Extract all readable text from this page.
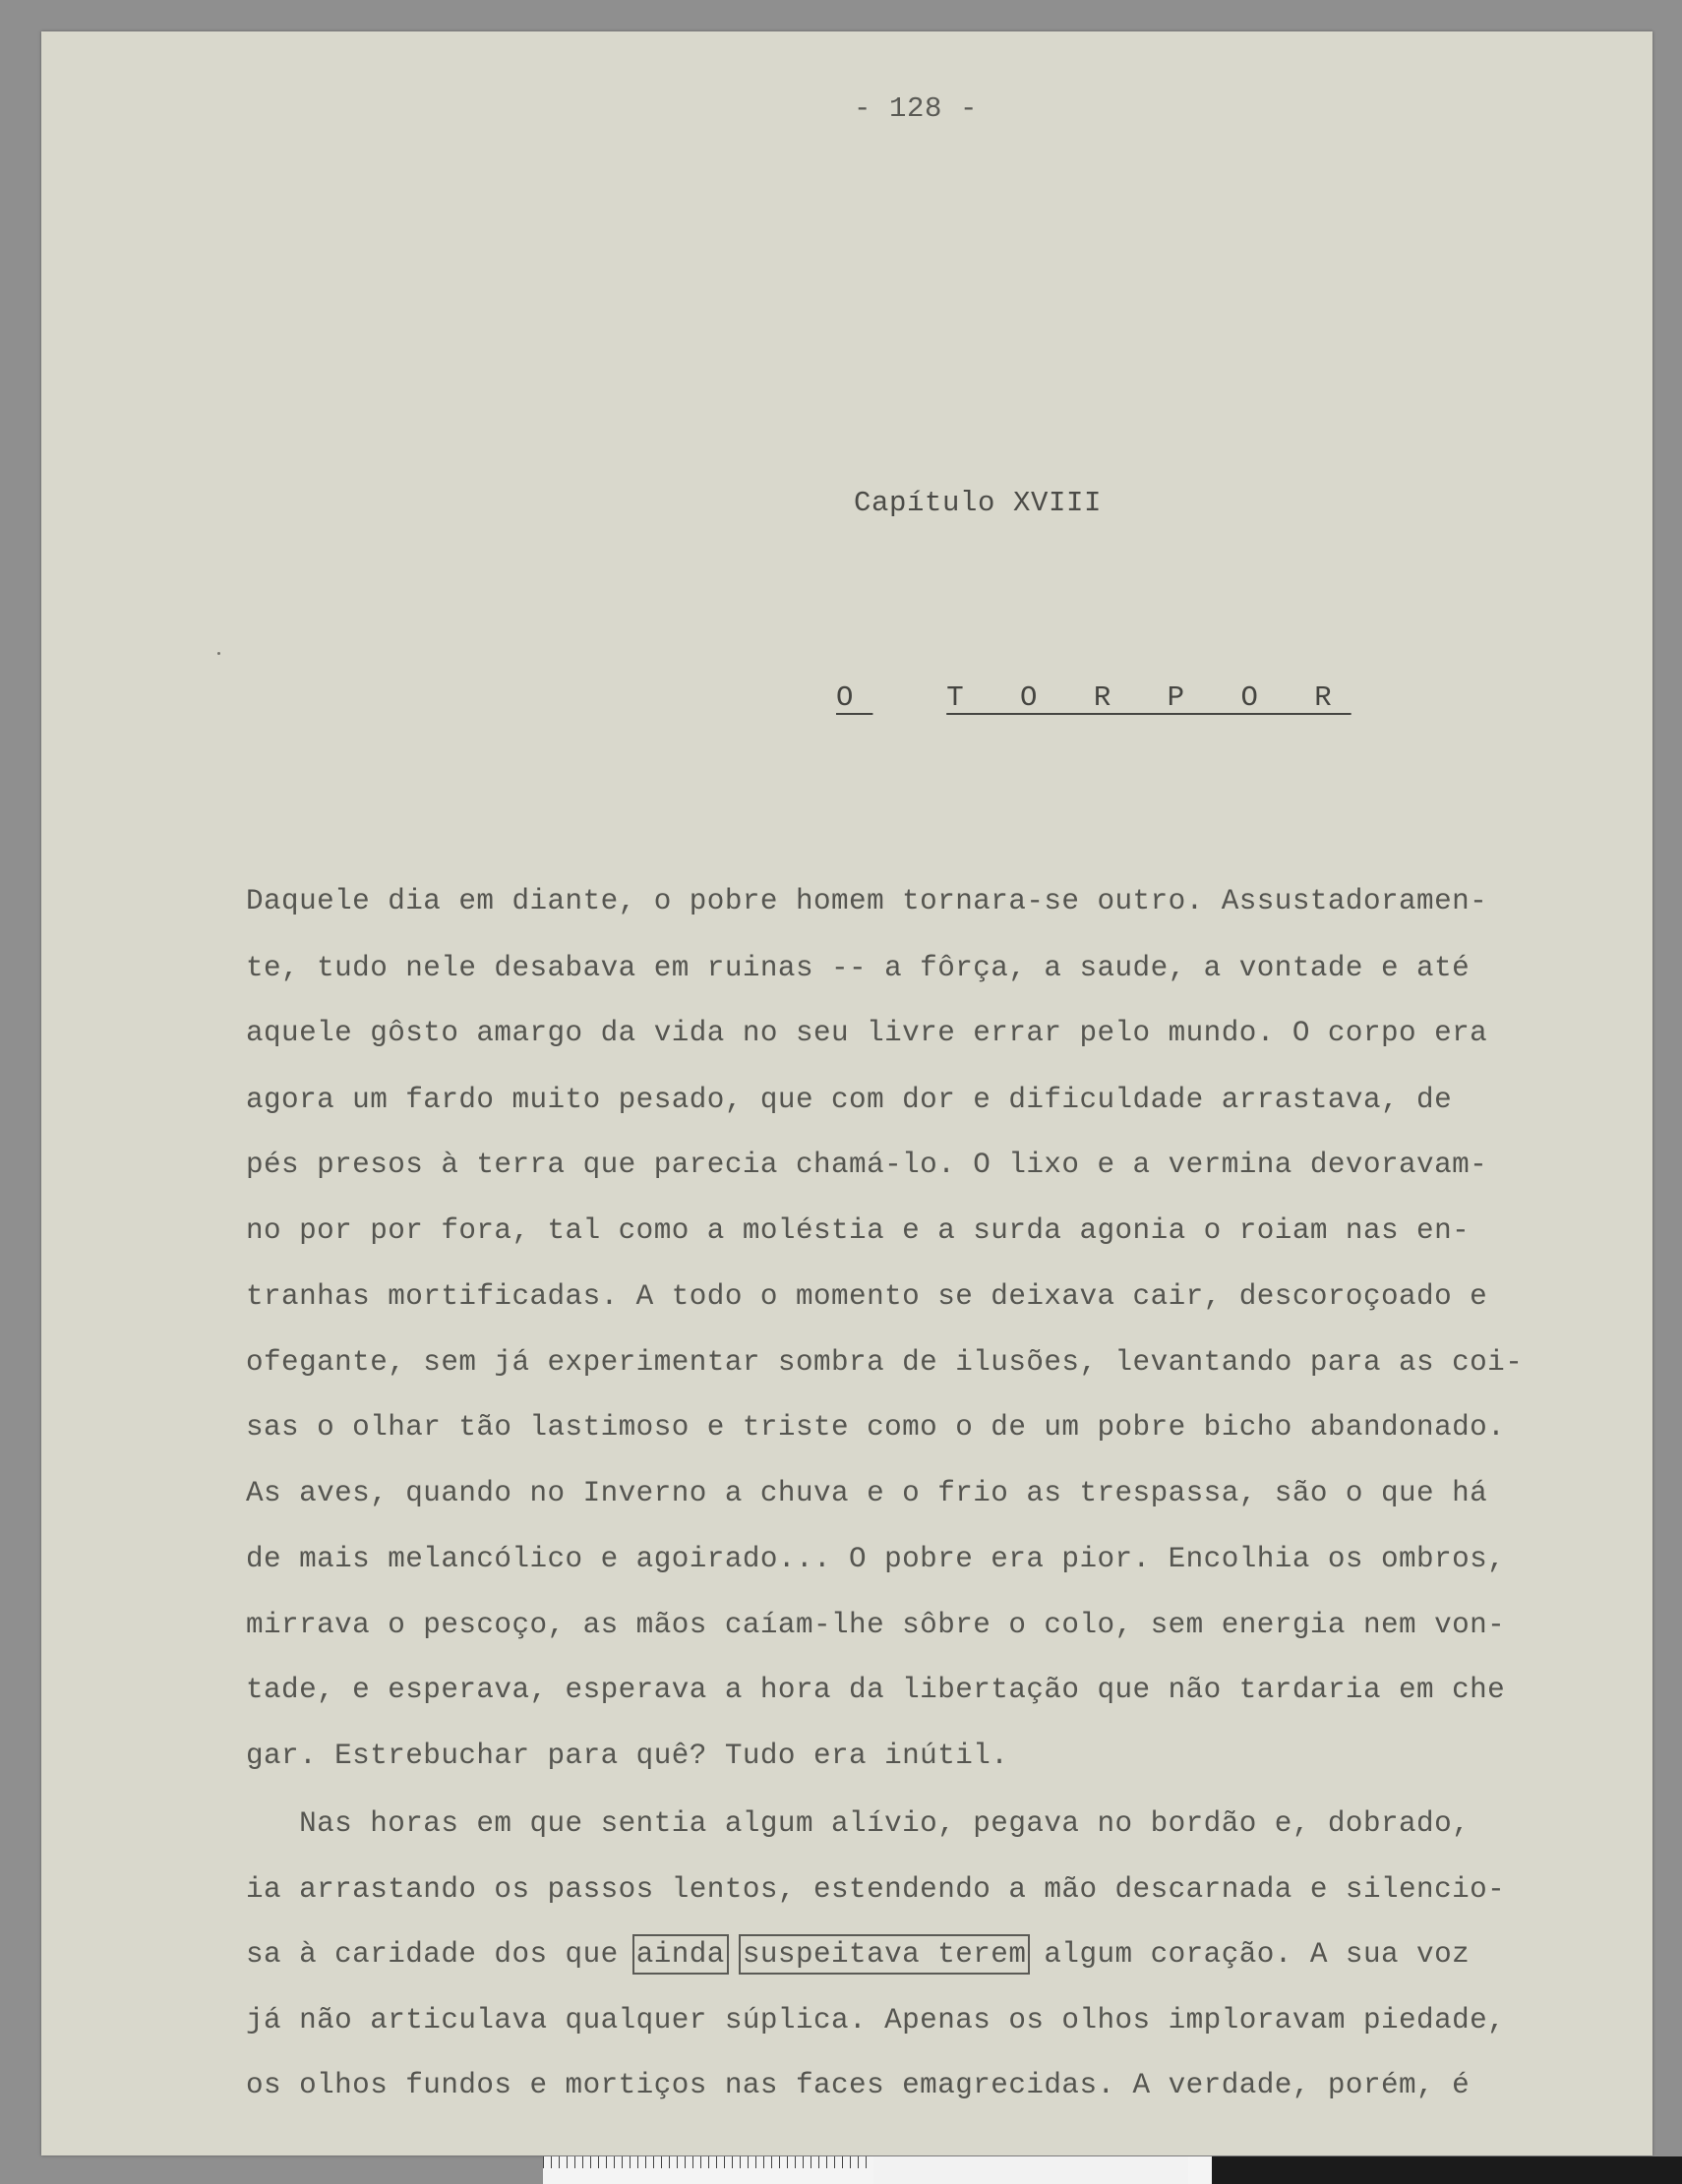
- 128 -
Capítulo XVIII
O	T O R P O R
Daquele dia em diante, o pobre homem tornara-se outro. Assustadoramen-
te, tudo nele desabava em ruinas -- a fôrça, a saude, a vontade e até
aquele gôsto amargo da vida no seu livre errar pelo mundo. O corpo era
agora um fardo muito pesado, que com dor e dificuldade arrastava, de
pés presos à terra que parecia chamá-lo. O lixo e a vermina devoravam-
no por por fora, tal como a moléstia e a surda agonia o roiam nas en-
tranhas mortificadas. A todo o momento se deixava cair, descoroçoado e
ofegante, sem já experimentar sombra de ilusões, levantando para as coi-
sas o olhar tão lastimoso e triste como o de um pobre bicho abandonado.
As aves, quando no Inverno a chuva e o frio as trespassa, são o que há
de mais melancólico e agoirado... O pobre era pior. Encolhia os ombros,
mirrava o pescoço, as mãos caíam-lhe sôbre o colo, sem energia nem von-
tade, e esperava, esperava a hora da libertação que não tardaria em che
gar. Estrebuchar para quê? Tudo era inútil.
Nas horas em que sentia algum alívio, pegava no bordão e, dobrado,
ia arrastando os passos lentos, estendendo a mão descarnada e silencio-
sa à caridade dos que ainda suspeitava terem algum coração. A sua voz
já não articulava qualquer súplica. Apenas os olhos imploravam piedade,
os olhos fundos e mortiços nas faces emagrecidas. A verdade, porém, é
